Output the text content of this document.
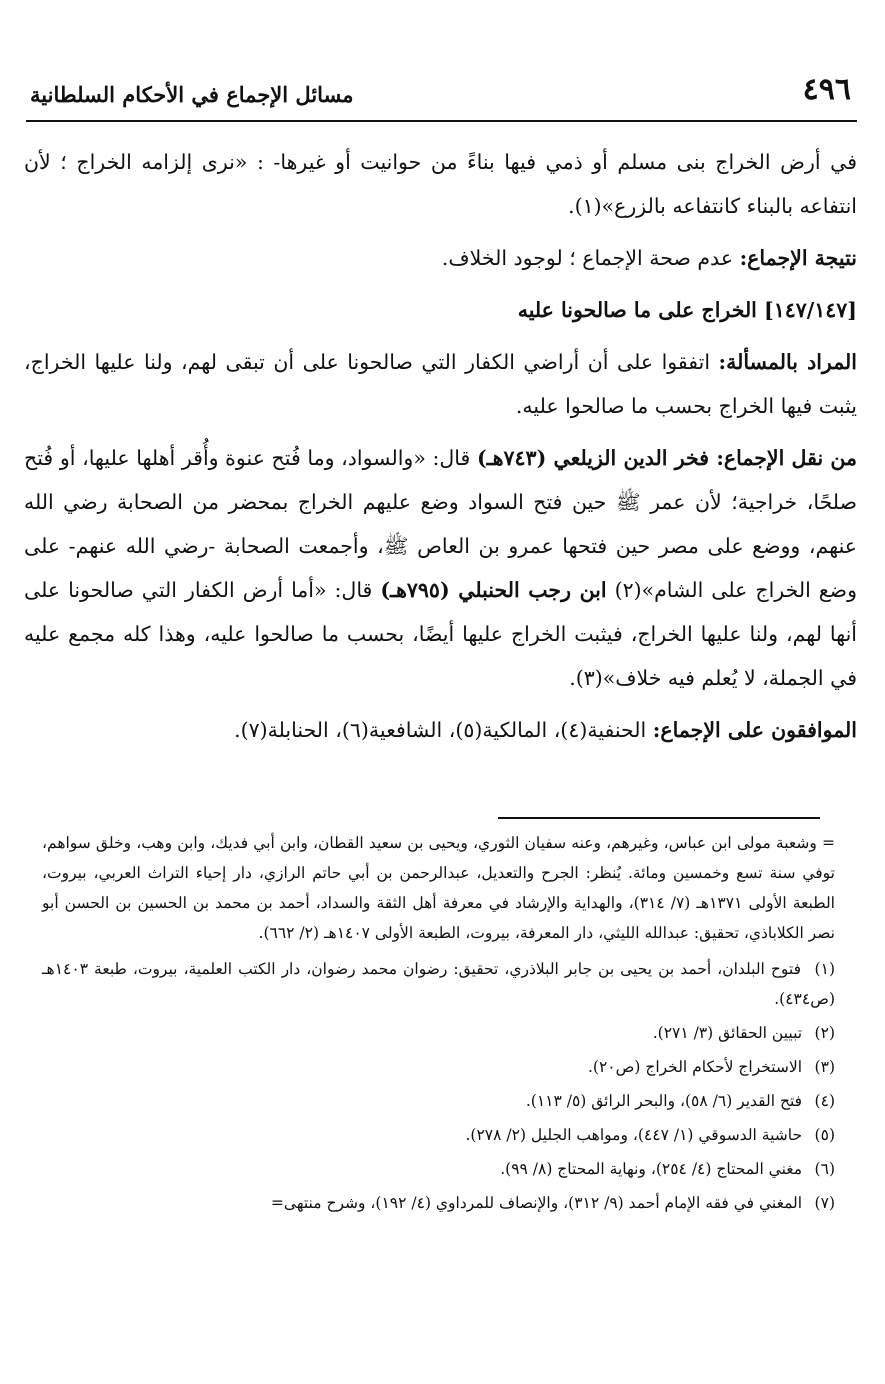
٤٩٦
مسائل الإجماع في الأحكام السلطانية

في أرض الخراج بنى مسلم أو ذمي فيها بناءً من حوانيت أو غيرها- : «نرى إلزامه الخراج ؛ لأن انتفاعه بالبناء كانتفاعه بالزرع»(١).

نتيجة الإجماع: عدم صحة الإجماع ؛ لوجود الخلاف.

[١٤٧/١٤٧] الخراج على ما صالحونا عليه

المراد بالمسألة: اتفقوا على أن أراضي الكفار التي صالحونا على أن تبقى لهم، ولنا عليها الخراج، يثبت فيها الخراج بحسب ما صالحوا عليه.

من نقل الإجماع: فخر الدين الزيلعي (٧٤٣هـ) قال: «والسواد، وما فُتح عنوة وأُقر أهلها عليها، أو فُتح صلحًا، خراجية؛ لأن عمر ﷺ حين فتح السواد وضع عليهم الخراج بمحضر من الصحابة رضي الله عنهم، ووضع على مصر حين فتحها عمرو بن العاص ﷺ، وأجمعت الصحابة -رضي الله عنهم- على وضع الخراج على الشام»(٢) ابن رجب الحنبلي (٧٩٥هـ) قال: «أما أرض الكفار التي صالحونا على أنها لهم، ولنا عليها الخراج، فيثبت الخراج عليها أيضًا، بحسب ما صالحوا عليه، وهذا كله مجمع عليه في الجملة، لا يُعلم فيه خلاف»(٣).

الموافقون على الإجماع: الحنفية(٤)، المالكية(٥)، الشافعية(٦)، الحنابلة(٧).

= وشعبة مولى ابن عباس، وغيرهم، وعنه سفيان الثوري، ويحيى بن سعيد القطان، وابن أبي فديك، وابن وهب، وخلق سواهم، توفي سنة تسع وخمسين ومائة. يُنظر: الجرح والتعديل، عبدالرحمن بن أبي حاتم الرازي، دار إحياء التراث العربي، بيروت، الطبعة الأولى ١٣٧١هـ (٧/ ٣١٤)، والهداية والإرشاد في معرفة أهل الثقة والسداد، أحمد بن محمد بن الحسين بن الحسن أبو نصر الكلاباذي، تحقيق: عبدالله الليثي، دار المعرفة، بيروت، الطبعة الأولى ١٤٠٧هـ (٢/ ٦٦٢).
(١) فتوح البلدان، أحمد بن يحيى بن جابر البلاذري، تحقيق: رضوان محمد رضوان، دار الكتب العلمية، بيروت، طبعة ١٤٠٣هـ (ص٤٣٤).
(٢) تبيين الحقائق (٣/ ٢٧١).
(٣) الاستخراج لأحكام الخراج (ص٢٠).
(٤) فتح القدير (٦/ ٥٨)، والبحر الرائق (٥/ ١١٣).
(٥) حاشية الدسوقي (١/ ٤٤٧)، ومواهب الجليل (٢/ ٢٧٨).
(٦) مغني المحتاج (٤/ ٢٥٤)، ونهاية المحتاج (٨/ ٩٩).
(٧) المغني في فقه الإمام أحمد (٩/ ٣١٢)، والإنصاف للمرداوي (٤/ ١٩٢)، وشرح منتهى=
